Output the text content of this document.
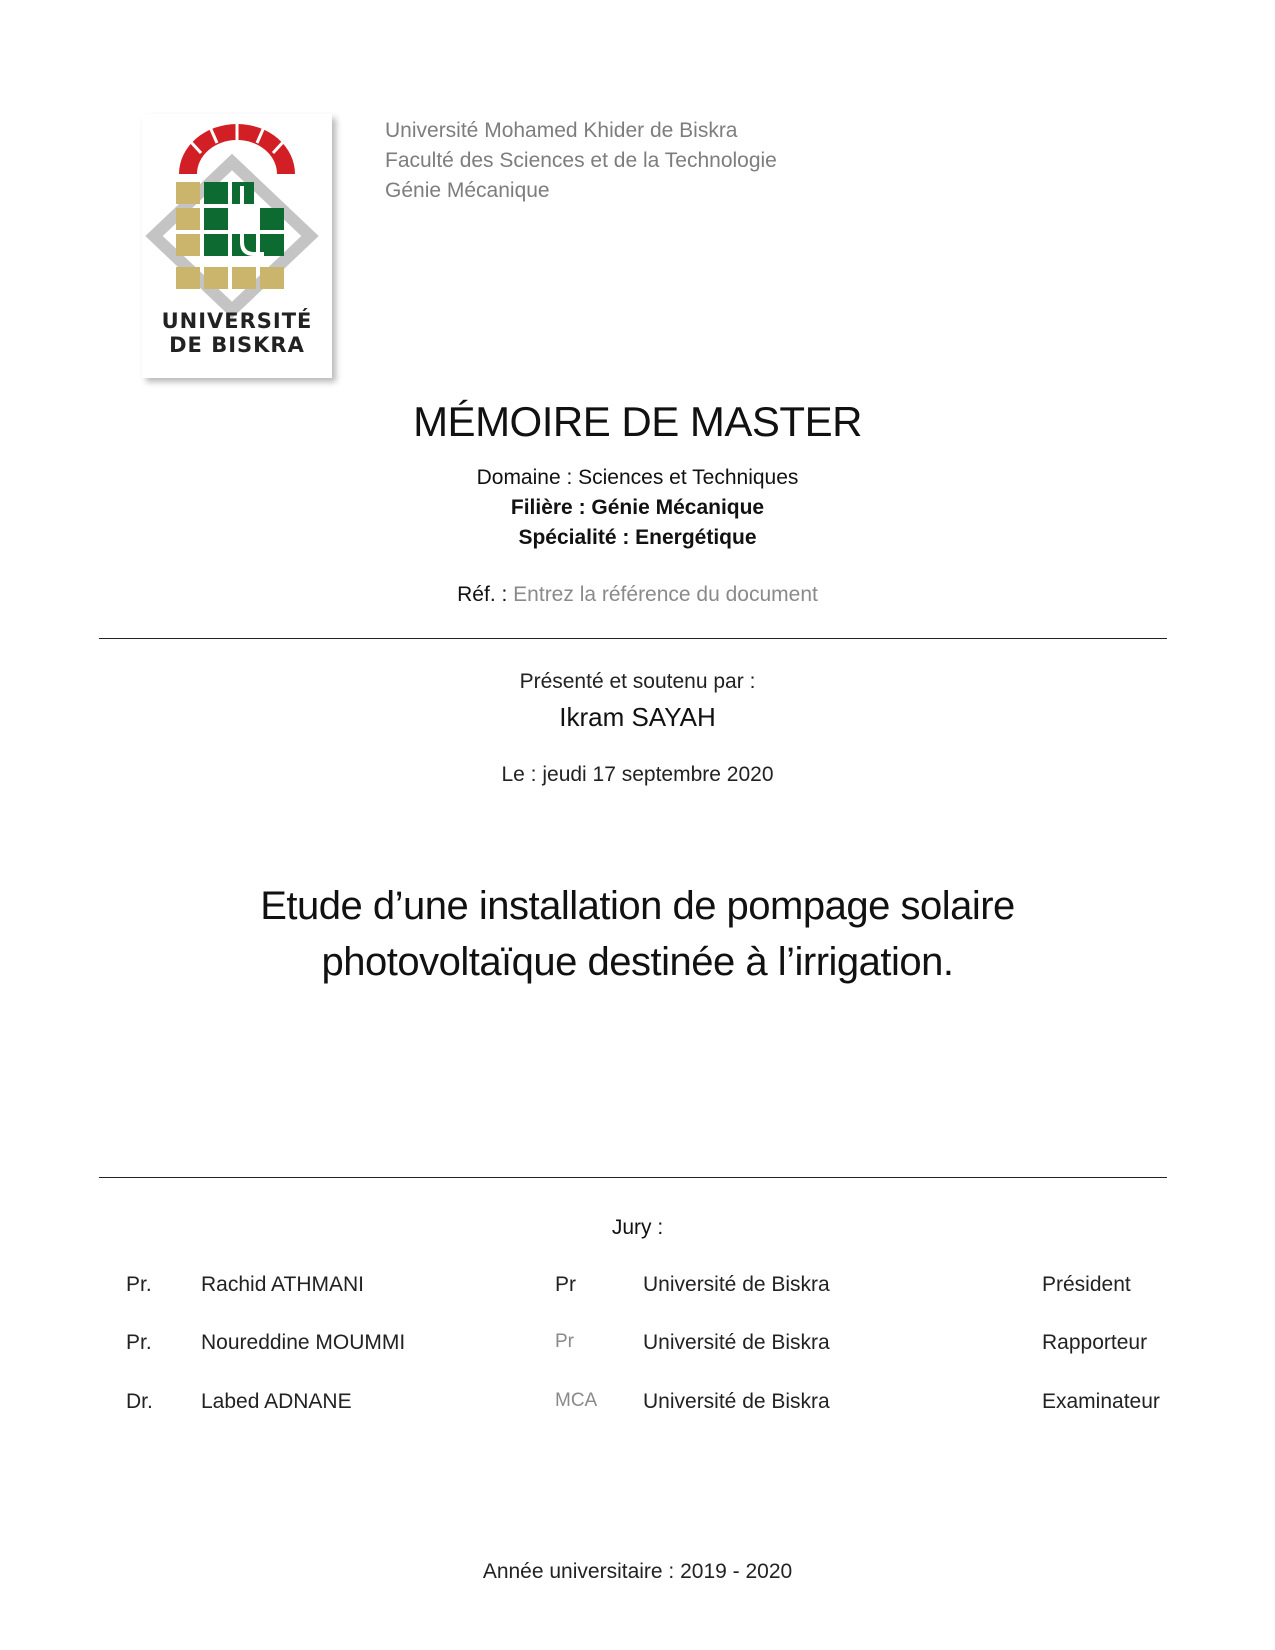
UNIVERSITÉ
DE BISKRA
Université Mohamed Khider de Biskra
Faculté des Sciences et de la Technologie
Génie Mécanique
MÉMOIRE DE MASTER
Domaine : Sciences et Techniques
Filière : Génie Mécanique
Spécialité : Energétique
Réf. : Entrez la référence du document
Présenté et soutenu par :
Ikram SAYAH
Le : jeudi 17 septembre 2020
Etude d’une installation de pompage solaire
photovoltaïque destinée à l’irrigation.
Jury :
Pr. Rachid ATHMANI	Pr	Université de Biskra	Président
Pr. Noureddine MOUMMI	Pr	Université de Biskra	Rapporteur
Dr. Labed ADNANE	MCA Université de Biskra	Examinateur
Année universitaire : 2019 - 2020
